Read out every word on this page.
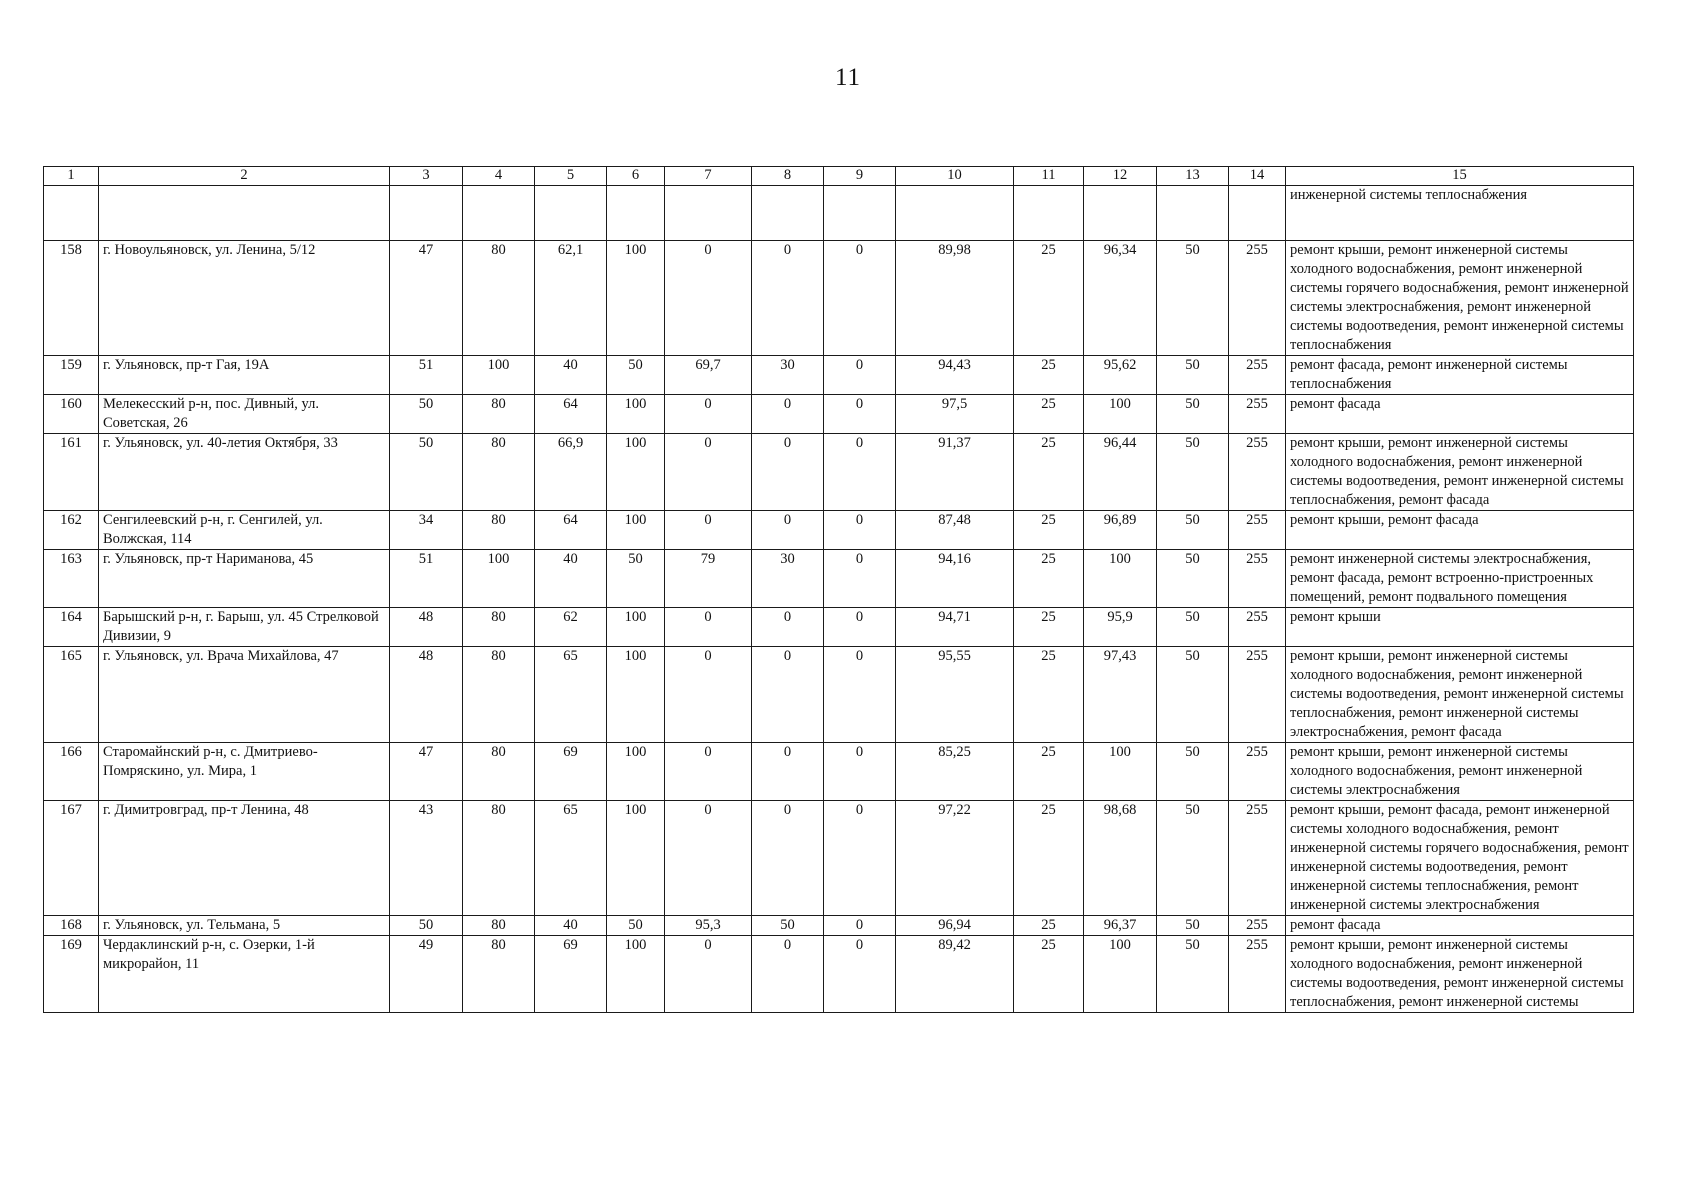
11
1	2	3	4	5	6	7	8	9	10	11	12	13	14	15
														инженерной системы теплоснабжения
158	г. Новоульяновск, ул. Ленина, 5/12	47	80	62,1	100	0	0	0	89,98	25	96,34	50	255	ремонт крыши, ремонт инженерной системы холодного водоснабжения, ремонт инженерной системы горячего водоснабжения, ремонт инженерной системы электроснабжения, ремонт инженерной системы водоотведения, ремонт инженерной системы теплоснабжения
159	г. Ульяновск, пр-т Гая, 19А	51	100	40	50	69,7	30	0	94,43	25	95,62	50	255	ремонт фасада, ремонт инженерной системы теплоснабжения
160	Мелекесский р-н, пос. Дивный, ул. Советская, 26	50	80	64	100	0	0	0	97,5	25	100	50	255	ремонт фасада
161	г. Ульяновск, ул. 40-летия Октября, 33	50	80	66,9	100	0	0	0	91,37	25	96,44	50	255	ремонт крыши, ремонт инженерной системы холодного водоснабжения, ремонт инженерной системы водоотведения, ремонт инженерной системы теплоснабжения, ремонт фасада
162	Сенгилеевский р-н, г. Сенгилей, ул. Волжская, 114	34	80	64	100	0	0	0	87,48	25	96,89	50	255	ремонт крыши, ремонт фасада
163	г. Ульяновск, пр-т Нариманова, 45	51	100	40	50	79	30	0	94,16	25	100	50	255	ремонт инженерной системы электроснабжения, ремонт фасада, ремонт встроенно-пристроенных помещений, ремонт подвального помещения
164	Барышский р-н, г. Барыш, ул. 45 Стрелковой Дивизии, 9	48	80	62	100	0	0	0	94,71	25	95,9	50	255	ремонт крыши
165	г. Ульяновск, ул. Врача Михайлова, 47	48	80	65	100	0	0	0	95,55	25	97,43	50	255	ремонт крыши, ремонт инженерной системы холодного водоснабжения, ремонт инженерной системы водоотведения, ремонт инженерной системы теплоснабжения, ремонт инженерной системы электроснабжения, ремонт фасада
166	Старомайнский р-н, с. Дмитриево-Помряскино, ул. Мира, 1	47	80	69	100	0	0	0	85,25	25	100	50	255	ремонт крыши, ремонт инженерной системы холодного водоснабжения, ремонт инженерной системы электроснабжения
167	г. Димитровград, пр-т Ленина, 48	43	80	65	100	0	0	0	97,22	25	98,68	50	255	ремонт крыши, ремонт фасада, ремонт инженерной системы холодного водоснабжения, ремонт инженерной системы горячего водоснабжения, ремонт инженерной системы водоотведения, ремонт инженерной системы теплоснабжения, ремонт инженерной системы электроснабжения
168	г. Ульяновск, ул. Тельмана, 5	50	80	40	50	95,3	50	0	96,94	25	96,37	50	255	ремонт фасада
169	Чердаклинский р-н, с. Озерки, 1-й микрорайон, 11	49	80	69	100	0	0	0	89,42	25	100	50	255	ремонт крыши, ремонт инженерной системы холодного водоснабжения, ремонт инженерной системы водоотведения, ремонт инженерной системы теплоснабжения, ремонт инженерной системы
